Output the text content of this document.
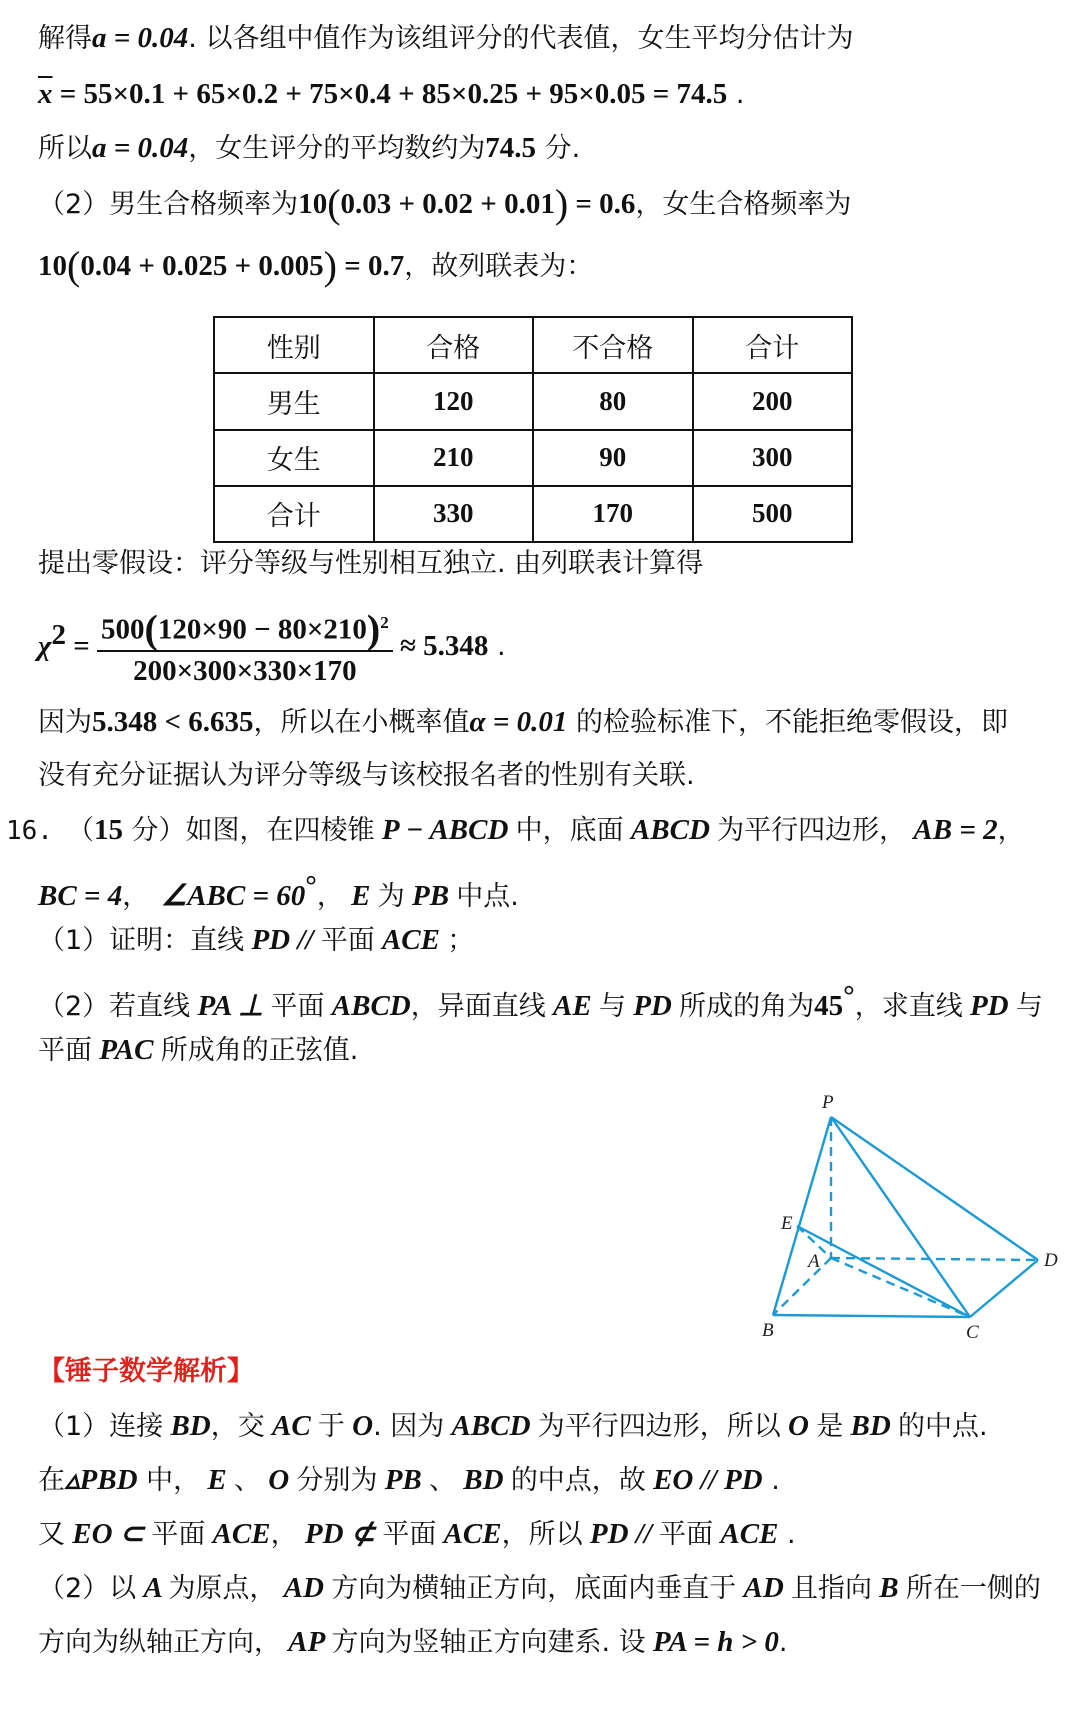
解得a = 0.04. 以各组中值作为该组评分的代表值，女生平均分估计为
$\overline{x} = 55\times 0.1 + 65\times 0.2 + 75\times 0.4 + 85\times 0.25 + 95\times 0.05 = 74.5$ .
所以a = 0.04，女生评分的平均数约为74.5 分.
（2）男生合格频率为10(0.03 + 0.02 + 0.01) = 0.6，女生合格频率为
10(0.04 + 0.025 + 0.005) = 0.7，故列联表为：
性别	合格	不合格	合计
男生	120	80	200
女生	210	90	300
合计	330	170	500
提出零假设：评分等级与性别相互独立. 由列联表计算得
$\chi^2 = \frac{500(120\times 90 - 80\times 210)^2}{200\times 300\times 330\times 170} \approx 5.348$ .
因为5.348 < 6.635，所以在小概率值α = 0.01 的检验标准下，不能拒绝零假设，即
没有充分证据认为评分等级与该校报名者的性别有关联.
16. （15 分）如图，在四棱锥 P − ABCD 中，底面 ABCD 为平行四边形， AB = 2，
BC = 4， ∠ABC = 60°， E 为 PB 中点.
（1）证明：直线 PD // 平面 ACE ；
（2）若直线 PA ⊥ 平面 ABCD，异面直线 AE 与 PD 所成的角为45°，求直线 PD 与
平面 PAC 所成角的正弦值.
P
E
A	D
B	C
【锤子数学解析】
（1）连接 BD，交 AC 于 O. 因为 ABCD 为平行四边形，所以 O 是 BD 的中点.
在▵PBD 中， E 、 O 分别为 PB 、 BD 的中点，故 EO // PD .
又 EO ⊂ 平面 ACE， PD ⊄ 平面 ACE，所以 PD // 平面 ACE .
（2）以 A 为原点， AD 方向为横轴正方向，底面内垂直于 AD 且指向 B 所在一侧的
方向为纵轴正方向， AP 方向为竖轴正方向建系. 设 PA = h > 0.
